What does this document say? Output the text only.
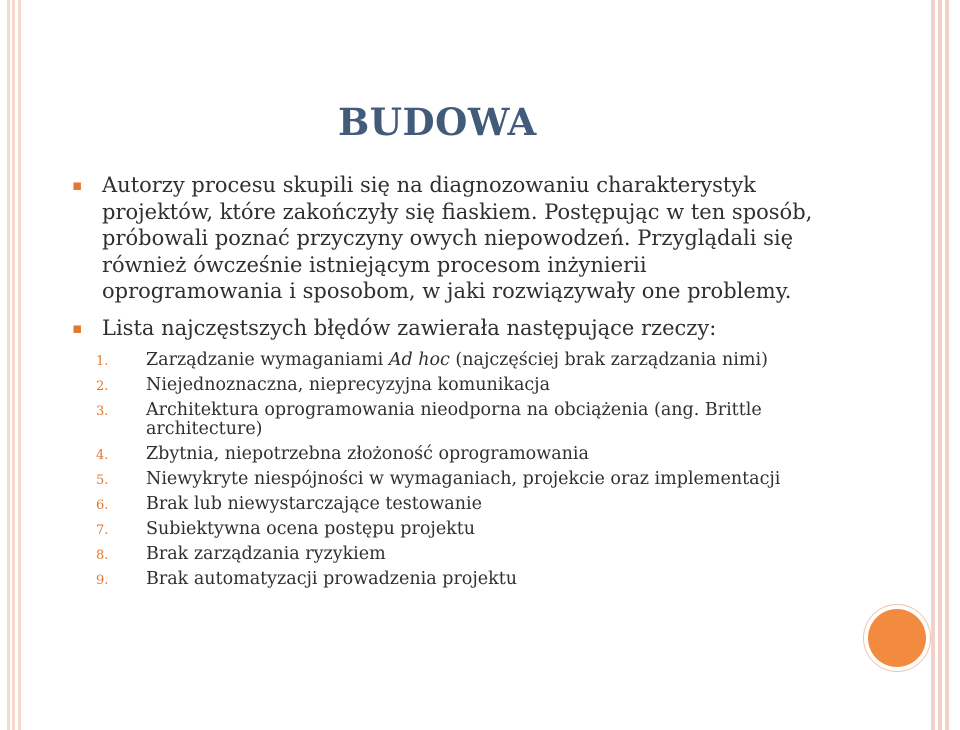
BUDOWA
▪ Autorzy procesu skupili się na diagnozowaniu charakterystyk projektów, które zakończyły się fiaskiem. Postępując w ten sposób, próbowali poznać przyczyny owych niepowodzeń. Przyglądali się również ówcześnie istniejącym procesom inżynierii oprogramowania i sposobom, w jaki rozwiązywały one problemy.
▪ Lista najczęstszych błędów zawierała następujące rzeczy:
1. Zarządzanie wymaganiami Ad hoc (najczęściej brak zarządzania nimi)
2. Niejednoznaczna, nieprecyzyjna komunikacja
3. Architektura oprogramowania nieodporna na obciążenia (ang. Brittle architecture)
4. Zbytnia, niepotrzebna złożoność oprogramowania
5. Niewykryte niespójności w wymaganiach, projekcie oraz implementacji
6. Brak lub niewystarczające testowanie
7. Subiektywna ocena postępu projektu
8. Brak zarządzania ryzykiem
9. Brak automatyzacji prowadzenia projektu
